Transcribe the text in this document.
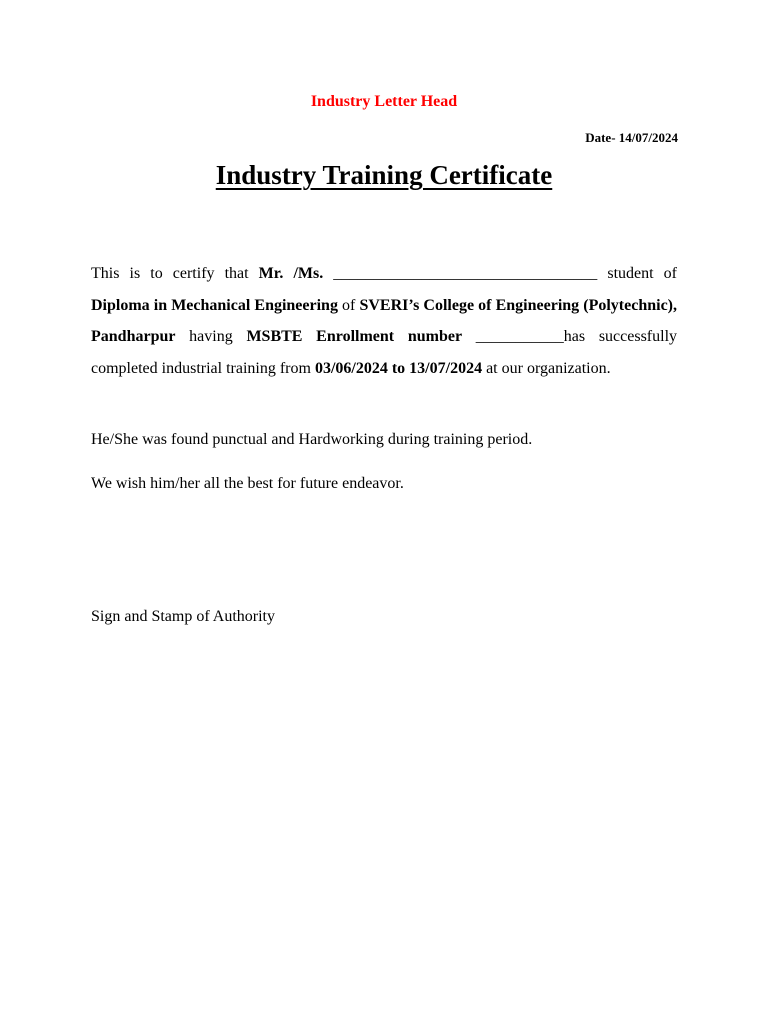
Industry Letter Head
Date- 14/07/2024
Industry Training Certificate

This is to certify that Mr. /Ms. _________________________________ student of Diploma in Mechanical Engineering of SVERI’s College of Engineering (Polytechnic), Pandharpur having MSBTE Enrollment number ___________has successfully completed industrial training from 03/06/2024 to 13/07/2024 at our organization.

He/She was found punctual and Hardworking during training period.

We wish him/her all the best for future endeavor.

Sign and Stamp of Authority
